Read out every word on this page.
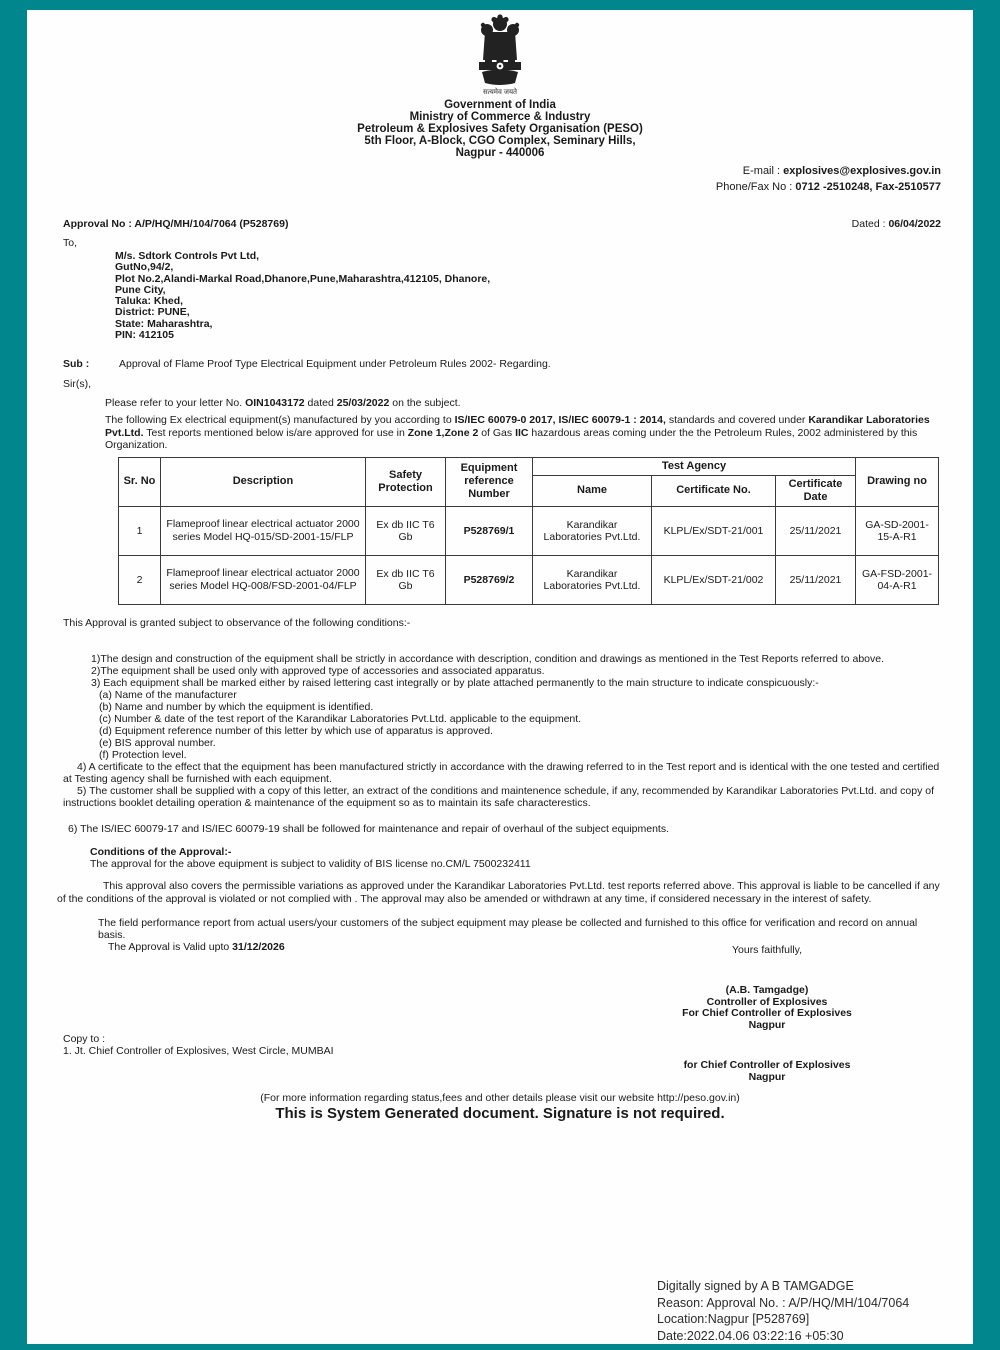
सत्यमेव जयते
Government of India
Ministry of Commerce & Industry
Petroleum & Explosives Safety Organisation (PESO)
5th Floor, A-Block, CGO Complex, Seminary Hills,
Nagpur - 440006
E-mail : explosives@explosives.gov.in
Phone/Fax No : 0712 -2510248, Fax-2510577
Approval No : A/P/HQ/MH/104/7064 (P528769)	Dated : 06/04/2022
To,
M/s. Sdtork Controls Pvt Ltd,
GutNo,94/2,
Plot No.2,Alandi-Markal Road,Dhanore,Pune,Maharashtra,412105, Dhanore,
Pune City,
Taluka: Khed,
District: PUNE,
State: Maharashtra,
PIN: 412105
Sub :	Approval of Flame Proof Type Electrical Equipment under Petroleum Rules 2002- Regarding.
Sir(s),
Please refer to your letter No. OIN1043172 dated 25/03/2022 on the subject.
The following Ex electrical equipment(s) manufactured by you according to IS/IEC 60079-0 2017, IS/IEC 60079-1 : 2014, standards and covered under Karandikar Laboratories Pvt.Ltd. Test reports mentioned below is/are approved for use in Zone 1,Zone 2 of Gas IIC hazardous areas coming under the the Petroleum Rules, 2002 administered by this Organization.
Sr. No	Description	Safety Protection	Equipment reference Number	Test Agency			Drawing no
				Name	Certificate No.	Certificate Date	
1	Flameproof linear electrical actuator 2000 series Model HQ-015/SD-2001-15/FLP	Ex db IIC T6 Gb	P528769/1	Karandikar Laboratories Pvt.Ltd.	KLPL/Ex/SDT-21/001	25/11/2021	GA-SD-2001-15-A-R1
2	Flameproof linear electrical actuator 2000 series Model HQ-008/FSD-2001-04/FLP	Ex db IIC T6 Gb	P528769/2	Karandikar Laboratories Pvt.Ltd.	KLPL/Ex/SDT-21/002	25/11/2021	GA-FSD-2001-04-A-R1
This Approval is granted subject to observance of the following conditions:-
1)The design and construction of the equipment shall be strictly in accordance with description, condition and drawings as mentioned in the Test Reports referred to above.
2)The equipment shall be used only with approved type of accessories and associated apparatus.
3) Each equipment shall be marked either by raised lettering cast integrally or by plate attached permanently to the main structure to indicate conspicuously:-
(a) Name of the manufacturer
(b) Name and number by which the equipment is identified.
(c) Number & date of the test report of the Karandikar Laboratories Pvt.Ltd. applicable to the equipment.
(d) Equipment reference number of this letter by which use of apparatus is approved.
(e) BIS approval number.
(f) Protection level.
4) A certificate to the effect that the equipment has been manufactured strictly in accordance with the drawing referred to in the Test report and is identical with the one tested and certified at Testing agency shall be furnished with each equipment.
5) The customer shall be supplied with a copy of this letter, an extract of the conditions and maintenence schedule, if any, recommended by Karandikar Laboratories Pvt.Ltd. and copy of instructions booklet detailing operation & maintenance of the equipment so as to maintain its safe characterestics.
6) The IS/IEC 60079-17 and IS/IEC 60079-19 shall be followed for maintenance and repair of overhaul of the subject equipments.
Conditions of the Approval:-
The approval for the above equipment is subject to validity of BIS license no.CM/L 7500232411
This approval also covers the permissible variations as approved under the Karandikar Laboratories Pvt.Ltd. test reports referred above. This approval is liable to be cancelled if any of the conditions of the approval is violated or not complied with . The approval may also be amended or withdrawn at any time, if considered necessary in the interest of safety.
The field performance report from actual users/your customers of the subject equipment may please be collected and furnished to this office for verification and record on annual basis.
The Approval is Valid upto 31/12/2026	Yours faithfully,
(A.B. Tamgadge)
Controller of Explosives
For Chief Controller of Explosives
Nagpur
Copy to :
1. Jt. Chief Controller of Explosives, West Circle, MUMBAI
for Chief Controller of Explosives
Nagpur
(For more information regarding status,fees and other details please visit our website http://peso.gov.in)
This is System Generated document. Signature is not required.
Digitally signed by A B TAMGADGE
Reason: Approval No. : A/P/HQ/MH/104/7064
Location:Nagpur [P528769]
Date:2022.04.06 03:22:16 +05:30
